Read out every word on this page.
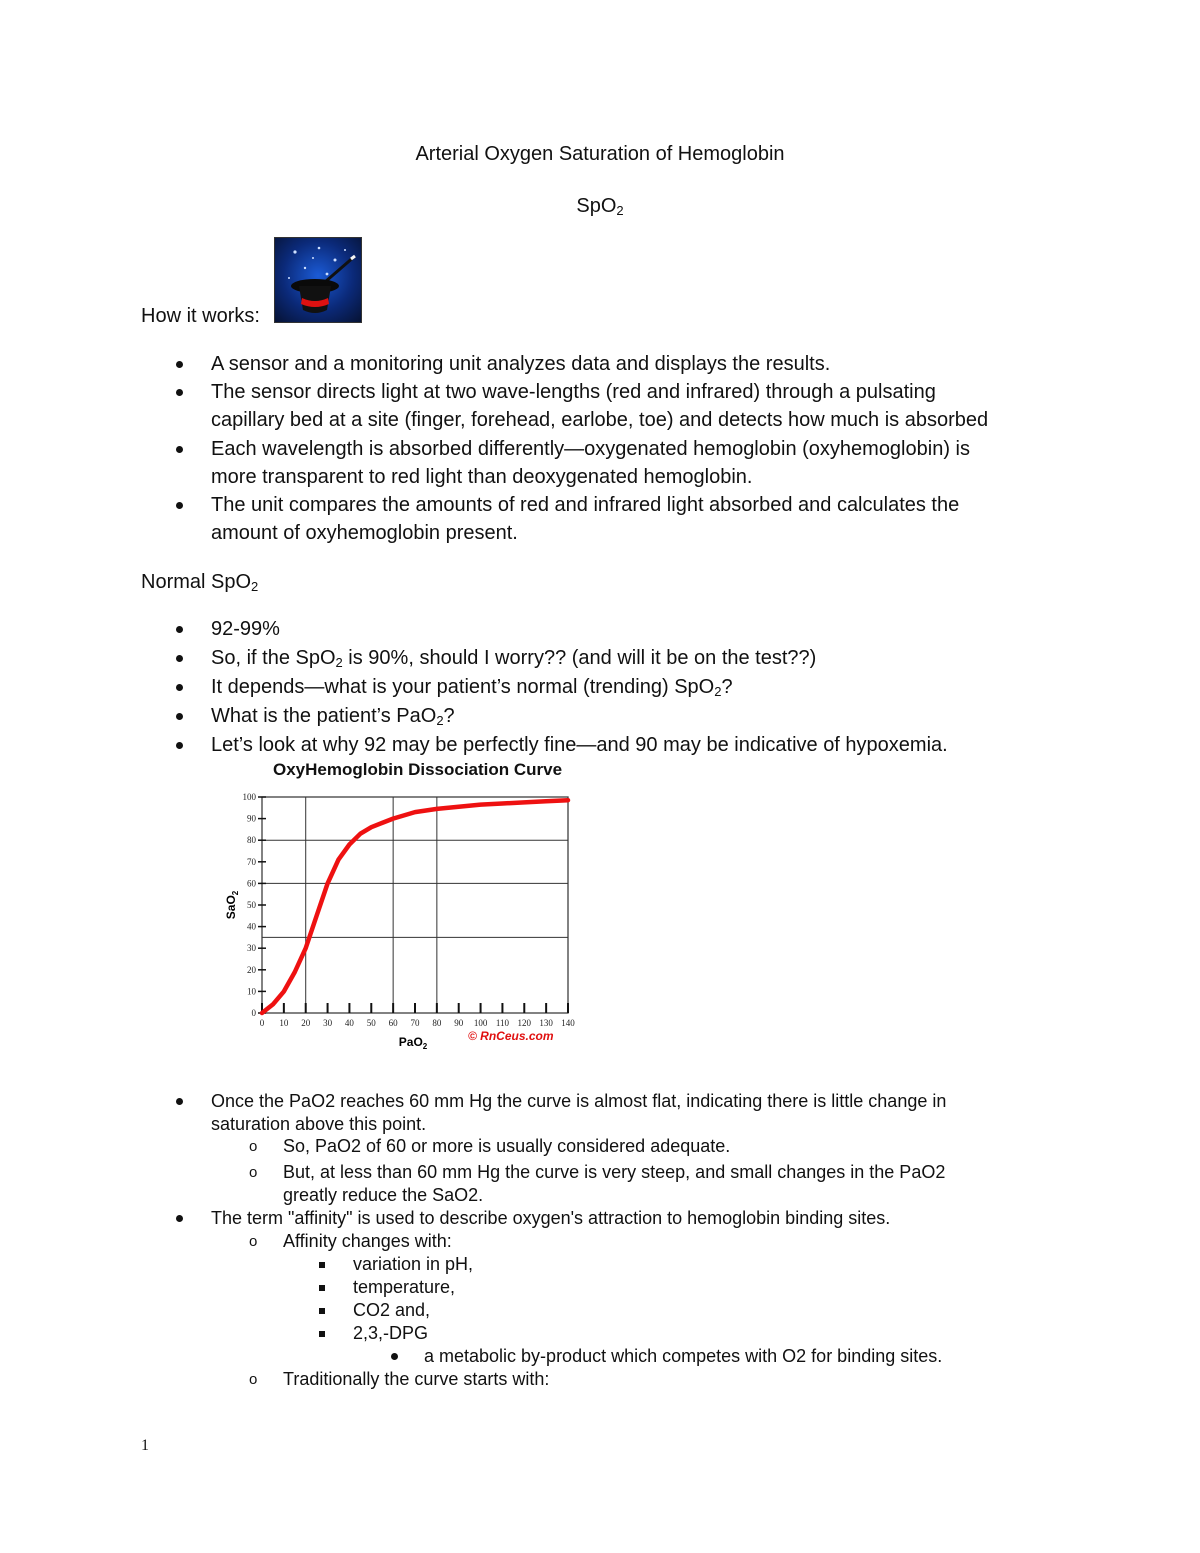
Arterial Oxygen Saturation of Hemoglobin
SpO$_2$
How it works:
A sensor and a monitoring unit analyzes data and displays the results.
The sensor directs light at two wave-lengths (red and infrared) through a pulsating
capillary bed at a site (finger, forehead, earlobe, toe) and detects how much is absorbed
Each wavelength is absorbed differently—oxygenated hemoglobin (oxyhemoglobin) is
more transparent to red light than deoxygenated hemoglobin.
The unit compares the amounts of red and infrared light absorbed and calculates the
amount of oxyhemoglobin present.
Normal SpO$_2$
92-99%
So, if the SpO$_2$ is 90%, should I worry?? (and will it be on the test??)
It depends—what is your patient’s normal (trending) SpO$_2$?
What is the patient’s PaO$_2$?
Let’s look at why 92 may be perfectly fine—and 90 may be indicative of hypoxemia.
OxyHemoglobin Dissociation Curve
0
10
20
30
40
50
60
70
80
90
100
0 10 20 30 40 50 60 70 80 90 100 110 120 130 140
SaO$_2$
PaO$_2$
© RnCeus.com
Once the PaO2 reaches 60 mm Hg the curve is almost flat, indicating there is little change in
saturation above this point.
o So, PaO2 of 60 or more is usually considered adequate.
o But, at less than 60 mm Hg the curve is very steep, and small changes in the PaO2
greatly reduce the SaO2.
The term "affinity" is used to describe oxygen's attraction to hemoglobin binding sites.
o Affinity changes with:
variation in pH,
temperature,
CO2 and,
2,3,-DPG
a metabolic by-product which competes with O2 for binding sites.
o Traditionally the curve starts with:
1
